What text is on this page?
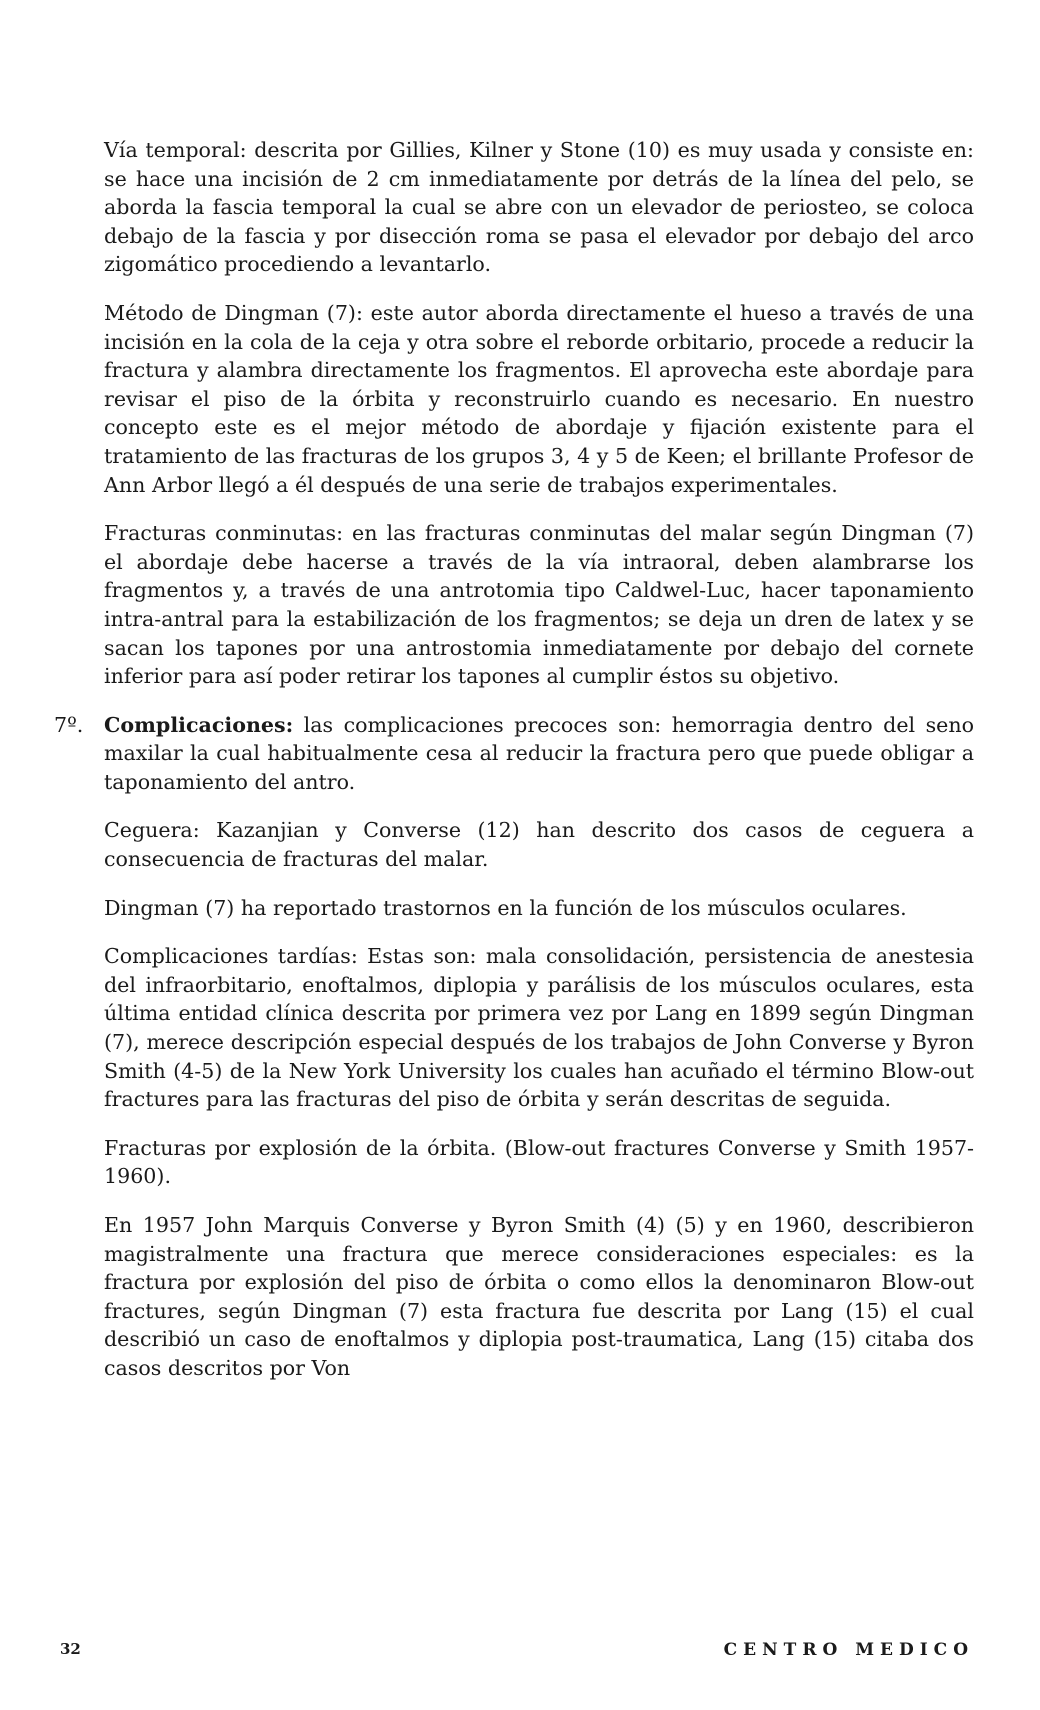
Vía temporal: descrita por Gillies, Kilner y Stone (10) es muy usada y consiste en: se hace una incisión de 2 cm inmediatamente por detrás de la línea del pelo, se aborda la fascia temporal la cual se abre con un elevador de periosteo, se coloca debajo de la fascia y por disección roma se pasa el elevador por debajo del arco zigomático procediendo a levantarlo.

Método de Dingman (7): este autor aborda directamente el hueso a través de una incisión en la cola de la ceja y otra sobre el reborde orbitario, procede a reducir la fractura y alambra directamente los fragmentos. El aprovecha este abordaje para revisar el piso de la órbita y reconstruirlo cuando es necesario. En nuestro concepto este es el mejor método de abordaje y fijación existente para el tratamiento de las fracturas de los grupos 3, 4 y 5 de Keen; el brillante Profesor de Ann Arbor llegó a él después de una serie de trabajos experimentales.

Fracturas conminutas: en las fracturas conminutas del malar según Dingman (7) el abordaje debe hacerse a través de la vía intraoral, deben alambrarse los fragmentos y, a través de una antrotomia tipo Caldwel-Luc, hacer taponamiento intra-antral para la estabilización de los fragmentos; se deja un dren de latex y se sacan los tapones por una antrostomia inmediatamente por debajo del cornete inferior para así poder retirar los tapones al cumplir éstos su objetivo.

7º. Complicaciones: las complicaciones precoces son: hemorragia dentro del seno maxilar la cual habitualmente cesa al reducir la fractura pero que puede obligar a taponamiento del antro.

Ceguera: Kazanjian y Converse (12) han descrito dos casos de ceguera a consecuencia de fracturas del malar.

Dingman (7) ha reportado trastornos en la función de los músculos oculares.

Complicaciones tardías: Estas son: mala consolidación, persistencia de anestesia del infraorbitario, enoftalmos, diplopia y parálisis de los músculos oculares, esta última entidad clínica descrita por primera vez por Lang en 1899 según Dingman (7), merece descripción especial después de los trabajos de John Converse y Byron Smith (4-5) de la New York University los cuales han acuñado el término Blow-out fractures para las fracturas del piso de órbita y serán descritas de seguida.

Fracturas por explosión de la órbita. (Blow-out fractures Converse y Smith 1957-1960).

En 1957 John Marquis Converse y Byron Smith (4) (5) y en 1960, describieron magistralmente una fractura que merece consideraciones especiales: es la fractura por explosión del piso de órbita o como ellos la denominaron Blow-out fractures, según Dingman (7) esta fractura fue descrita por Lang (15) el cual describió un caso de enoftalmos y diplopia post-traumatica, Lang (15) citaba dos casos descritos por Von

32	CENTRO MEDICO
